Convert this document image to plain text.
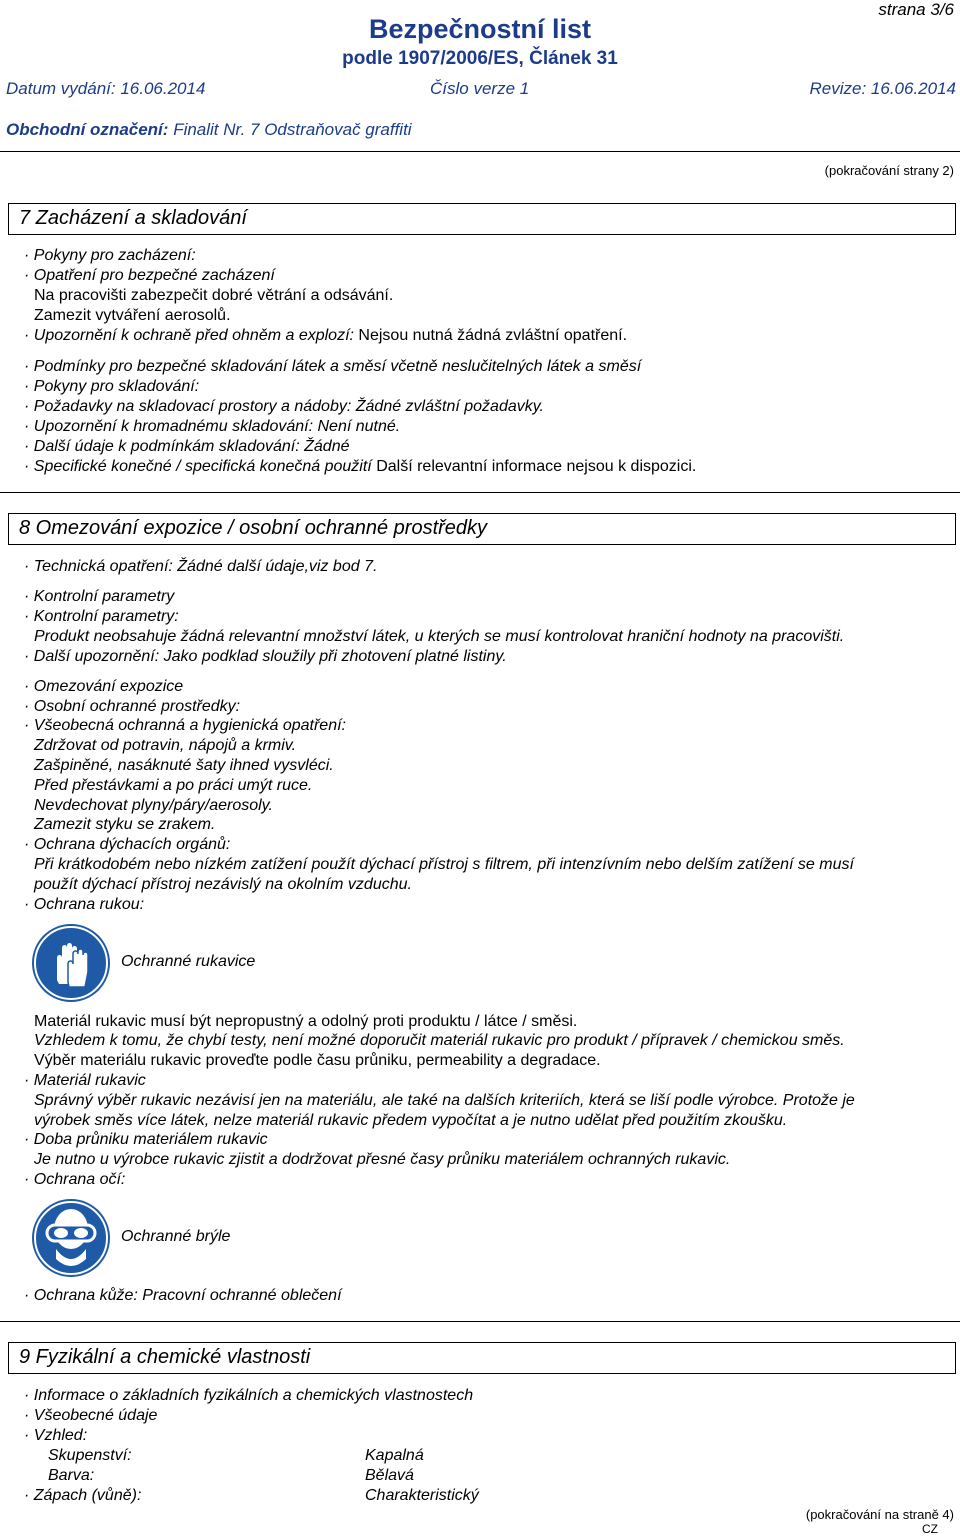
strana 3/6
Bezpečnostní list
podle 1907/2006/ES, Článek 31
Datum vydání: 16.06.2014	Číslo verze 1	Revize: 16.06.2014
Obchodní označení: Finalit Nr. 7 Odstraňovač graffiti
(pokračování strany 2)
7 Zacházení a skladování
· Pokyny pro zacházení:
· Opatření pro bezpečné zacházení
Na pracovišti zabezpečit dobré větrání a odsávání.
Zamezit vytváření aerosolů.
· Upozornění k ochraně před ohněm a explozí: Nejsou nutná žádná zvláštní opatření.
· Podmínky pro bezpečné skladování látek a směsí včetně neslučitelných látek a směsí
· Pokyny pro skladování:
· Požadavky na skladovací prostory a nádoby: Žádné zvláštní požadavky.
· Upozornění k hromadnému skladování: Není nutné.
· Další údaje k podmínkám skladování: Žádné
· Specifické konečné / specifická konečná použití Další relevantní informace nejsou k dispozici.
8 Omezování expozice / osobní ochranné prostředky
· Technická opatření: Žádné další údaje,viz bod 7.
· Kontrolní parametry
· Kontrolní parametry:
Produkt neobsahuje žádná relevantní množství látek, u kterých se musí kontrolovat hraniční hodnoty na pracovišti.
· Další upozornění: Jako podklad sloužily při zhotovení platné listiny.
· Omezování expozice
· Osobní ochranné prostředky:
· Všeobecná ochranná a hygienická opatření:
Zdržovat od potravin, nápojů a krmiv.
Zašpiněné, nasáknuté šaty ihned vysvléci.
Před přestávkami a po práci umýt ruce.
Nevdechovat plyny/páry/aerosoly.
Zamezit styku se zrakem.
· Ochrana dýchacích orgánů:
Při krátkodobém nebo nízkém zatížení použít dýchací přístroj s filtrem, při intenzívním nebo delším zatížení se musí
použít dýchací přístroj nezávislý na okolním vzduchu.
· Ochrana rukou:
Ochranné rukavice
Materiál rukavic musí být nepropustný a odolný proti produktu / látce / směsi.
Vzhledem k tomu, že chybí testy, není možné doporučit materiál rukavic pro produkt / přípravek / chemickou směs.
Výběr materiálu rukavic proveďte podle času průniku, permeability a degradace.
· Materiál rukavic
Správný výběr rukavic nezávisí jen na materiálu, ale také na dalších kriteriích, která se liší podle výrobce. Protože je
výrobek směs více látek, nelze materiál rukavic předem vypočítat a je nutno udělat před použitím zkoušku.
· Doba průniku materiálem rukavic
Je nutno u výrobce rukavic zjistit a dodržovat přesné časy průniku materiálem ochranných rukavic.
· Ochrana očí:
Ochranné brýle
· Ochrana kůže: Pracovní ochranné oblečení
9 Fyzikální a chemické vlastnosti
· Informace o základních fyzikálních a chemických vlastnostech
· Všeobecné údaje
· Vzhled:
Skupenství:	Kapalná
Barva:	Bělavá
· Zápach (vůně):	Charakteristický
(pokračování na straně 4)
CZ
